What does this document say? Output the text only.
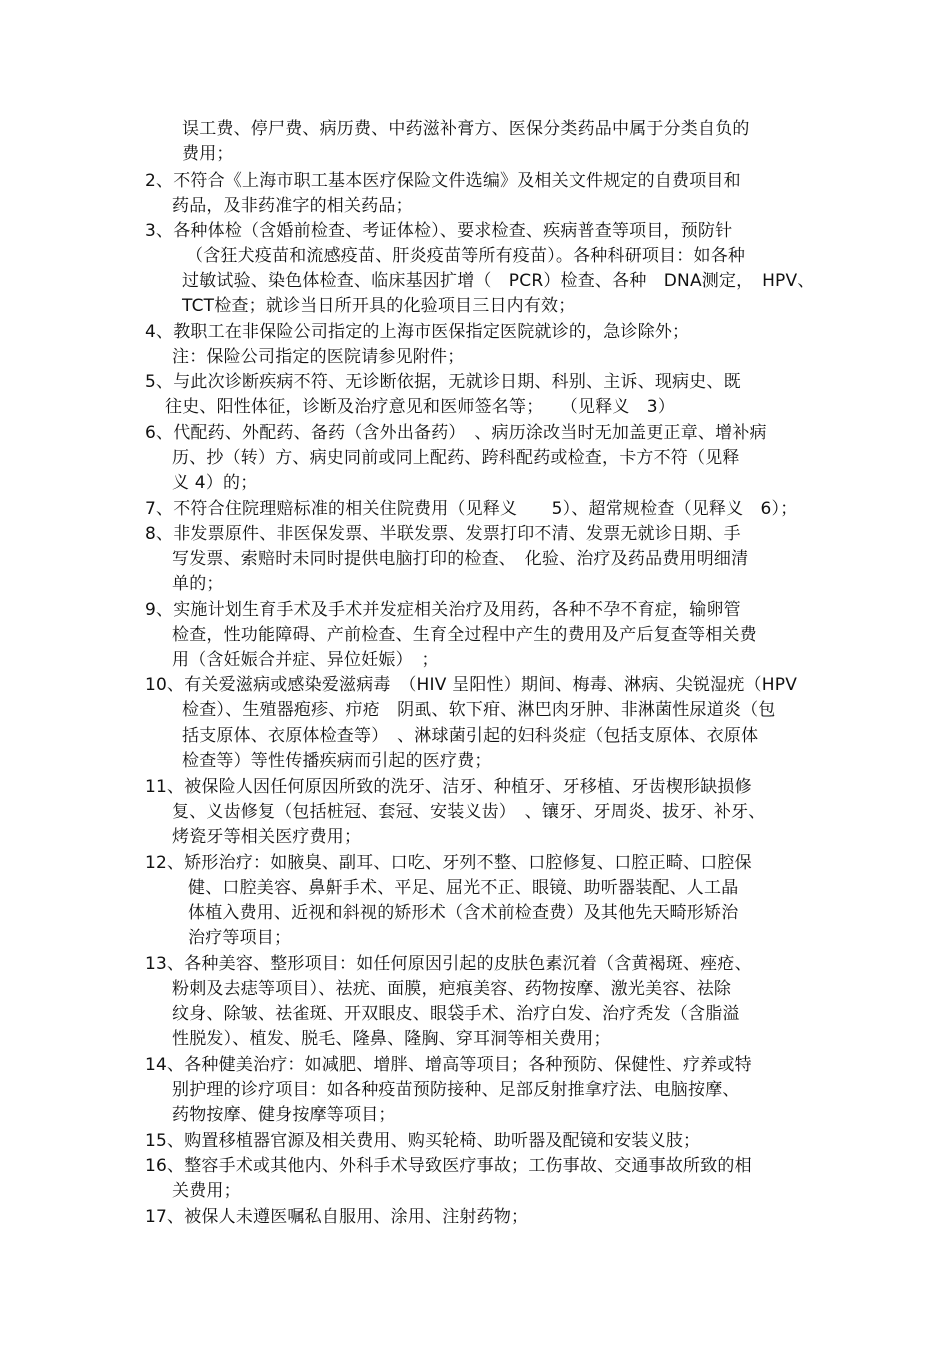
误工费、停尸费、病历费、中药滋补膏方、医保分类药品中属于分类自负的
费用；
2、不符合《上海市职工基本医疗保险文件选编》及相关文件规定的自费项目和
药品，及非药准字的相关药品；
3、各种体检（含婚前检查、考证体检）、要求检查、疾病普查等项目，预防针
（含狂犬疫苗和流感疫苗、肝炎疫苗等所有疫苗）。各种科研项目：如各种
过敏试验、染色体检查、临床基因扩增（　PCR）检查、各种　DNA测定，　HPV、
TCT检查；就诊当日所开具的化验项目三日内有效；
4、教职工在非保险公司指定的上海市医保指定医院就诊的，急诊除外；
注：保险公司指定的医院请参见附件；
5、与此次诊断疾病不符、无诊断依据，无就诊日期、科别、主诉、现病史、既
往史、阳性体征，诊断及治疗意见和医师签名等；　　（见释义　3）
6、代配药、外配药、备药（含外出备药）　、病历涂改当时无加盖更正章、增补病
历、抄（转）方、病史同前或同上配药、跨科配药或检查，卡方不符（见释
义 4）的；
7、不符合住院理赔标准的相关住院费用（见释义　　5）、超常规检查（见释义　6）；
8、非发票原件、非医保发票、半联发票、发票打印不清、发票无就诊日期、手
写发票、索赔时未同时提供电脑打印的检查、　化验、治疗及药品费用明细清
单的；
9、实施计划生育手术及手术并发症相关治疗及用药，各种不孕不育症，输卵管
检查，性功能障碍、产前检查、生育全过程中产生的费用及产后复查等相关费
用（含妊娠合并症、异位妊娠）　；
10、有关爱滋病或感染爱滋病毒　（HIV 呈阳性）期间、梅毒、淋病、尖锐湿疣（HPV
检查）、生殖器疱疹、疖疮　阴虱、软下疳、淋巴肉牙肿、非淋菌性尿道炎（包
括支原体、衣原体检查等）　、淋球菌引起的妇科炎症（包括支原体、衣原体
检查等）等性传播疾病而引起的医疗费；
11、被保险人因任何原因所致的洗牙、洁牙、种植牙、牙移植、牙齿楔形缺损修
复、义齿修复（包括桩冠、套冠、安装义齿）　、镶牙、牙周炎、拔牙、补牙、
烤瓷牙等相关医疗费用；
12、矫形治疗：如腋臭、副耳、口吃、牙列不整、口腔修复、口腔正畸、口腔保
健、口腔美容、鼻鼾手术、平足、屈光不正、眼镜、助听器装配、人工晶
体植入费用、近视和斜视的矫形术（含术前检查费）及其他先天畸形矫治
治疗等项目；
13、各种美容、整形项目：如任何原因引起的皮肤色素沉着（含黄褐斑、痤疮、
粉刺及去痣等项目）、祛疣、面膜，疤痕美容、药物按摩、激光美容、祛除
纹身、除皱、祛雀斑、开双眼皮、眼袋手术、治疗白发、治疗秃发（含脂溢
性脱发）、植发、脱毛、隆鼻、隆胸、穿耳洞等相关费用；
14、各种健美治疗：如减肥、增胖、增高等项目；各种预防、保健性、疗养或特
别护理的诊疗项目：如各种疫苗预防接种、足部反射推拿疗法、电脑按摩、
药物按摩、健身按摩等项目；
15、购置移植器官源及相关费用、购买轮椅、助听器及配镜和安装义肢；
16、整容手术或其他内、外科手术导致医疗事故；工伤事故、交通事故所致的相
关费用；
17、被保人未遵医嘱私自服用、涂用、注射药物；
